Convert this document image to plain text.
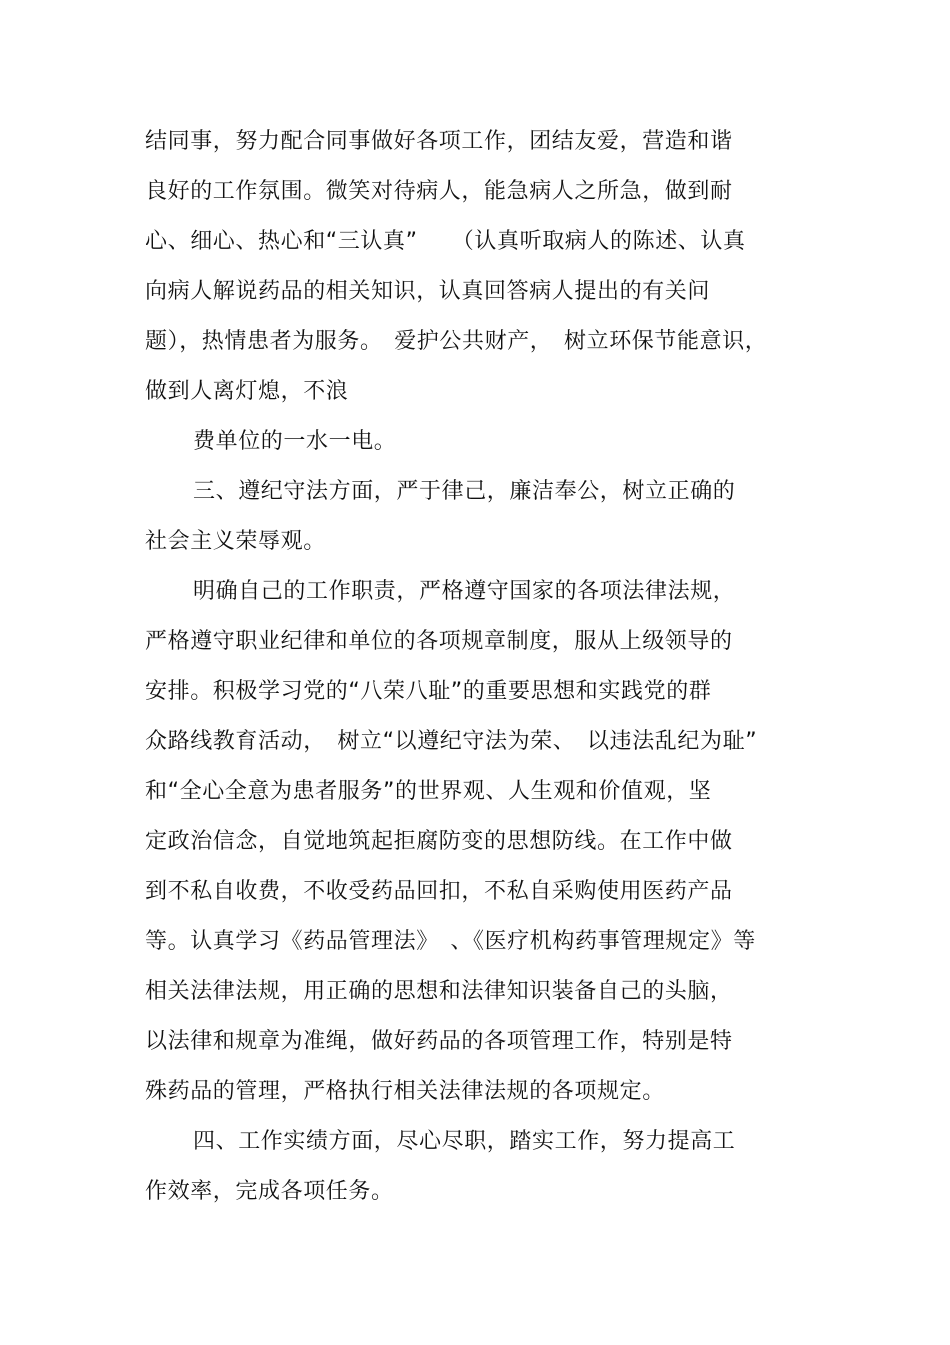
结同事，努力配合同事做好各项工作，团结友爱，营造和谐
良好的工作氛围。微笑对待病人，能急病人之所急，做到耐
心、细心、热心和“三认真”　　（认真听取病人的陈述、认真
向病人解说药品的相关知识，认真回答病人提出的有关问
题），热情患者为服务。　爱护公共财产，　树立环保节能意识，
做到人离灯熄，不浪
费单位的一水一电。
三、遵纪守法方面，严于律己，廉洁奉公，树立正确的
社会主义荣辱观。
明确自己的工作职责，严格遵守国家的各项法律法规，
严格遵守职业纪律和单位的各项规章制度，服从上级领导的
安排。积极学习党的“八荣八耻”的重要思想和实践党的群
众路线教育活动，　树立“以遵纪守法为荣、　以违法乱纪为耻”
和“全心全意为患者服务”的世界观、人生观和价值观，坚
定政治信念，自觉地筑起拒腐防变的思想防线。在工作中做
到不私自收费，不收受药品回扣，不私自采购使用医药产品
等。认真学习《药品管理法》　、《医疗机构药事管理规定》等
相关法律法规，用正确的思想和法律知识装备自己的头脑，
以法律和规章为准绳，做好药品的各项管理工作，特别是特
殊药品的管理，严格执行相关法律法规的各项规定。
四、工作实绩方面，尽心尽职，踏实工作，努力提高工
作效率，完成各项任务。
